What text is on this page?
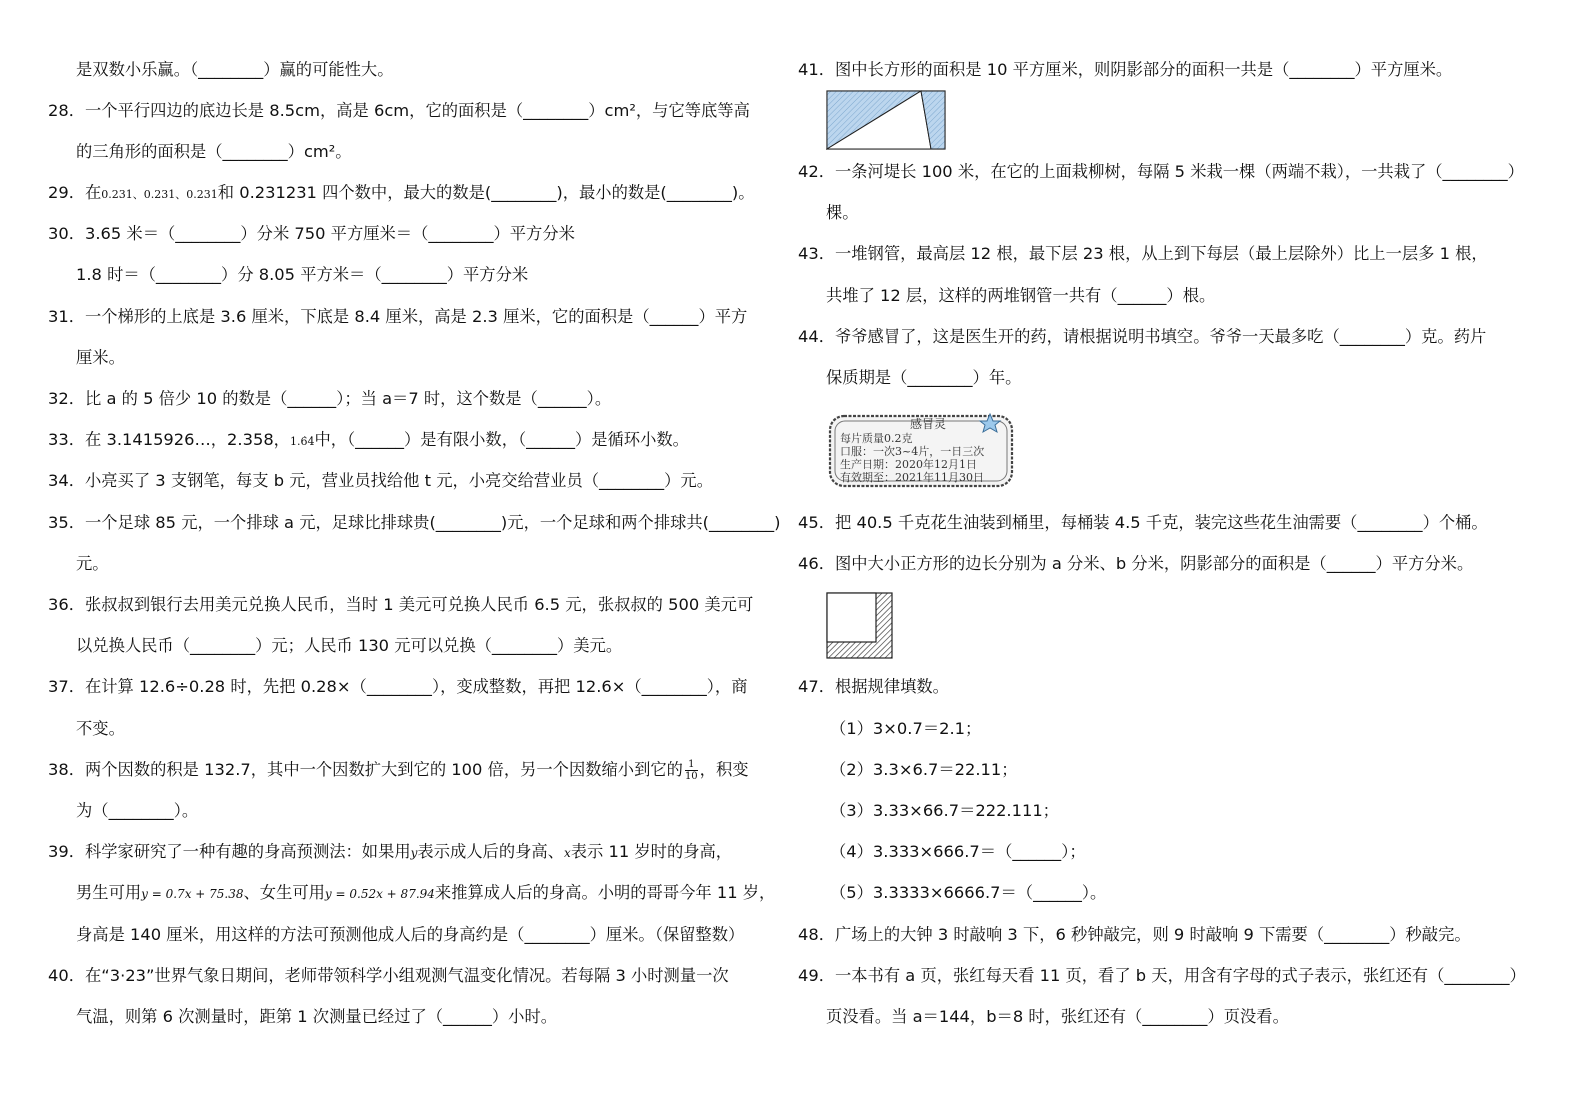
是双数小乐赢。（________）赢的可能性大。
28．一个平行四边的底边长是 8.5cm，高是 6cm，它的面积是（________）cm²，与它等底等高
的三角形的面积是（________）cm²。
29．在0.231、0.231、0.231和 0.231231 四个数中，最大的数是(________)，最小的数是(________)。
30．3.65 米＝（________）分米 750 平方厘米＝（________）平方分米
1.8 时＝（________）分 8.05 平方米＝（________）平方分米
31．一个梯形的上底是 3.6 厘米，下底是 8.4 厘米，高是 2.3 厘米，它的面积是（______）平方
厘米。
32．比 a 的 5 倍少 10 的数是（______）；当 a＝7 时，这个数是（______）。
33．在 3.1415926…，2.358，1.6̇4̇中，（______）是有限小数，（______）是循环小数。
34．小亮买了 3 支钢笔，每支 b 元，营业员找给他 t 元，小亮交给营业员（________）元。
35．一个足球 85 元，一个排球 a 元，足球比排球贵(________)元，一个足球和两个排球共(________)
元。
36．张叔叔到银行去用美元兑换人民币，当时 1 美元可兑换人民币 6.5 元，张叔叔的 500 美元可
以兑换人民币（________）元；人民币 130 元可以兑换（________）美元。
37．在计算 12.6÷0.28 时，先把 0.28×（________），变成整数，再把 12.6×（________），商
不变。
38．两个因数的积是 132.7，其中一个因数扩大到它的 100 倍，另一个因数缩小到它的 $\frac{1}{10}$ ，积变
为（________）。
39．科学家研究了一种有趣的身高预测法：如果用y表示成人后的身高、x表示 11 岁时的身高，
男生可用y = 0.7x + 75.38、女生可用y = 0.52x + 87.94来推算成人后的身高。小明的哥哥今年 11 岁，
身高是 140 厘米，用这样的方法可预测他成人后的身高约是（________）厘米。（保留整数）
40．在“3·23”世界气象日期间，老师带领科学小组观测气温变化情况。若每隔 3 小时测量一次
气温，则第 6 次测量时，距第 1 次测量已经过了（______）小时。
41．图中长方形的面积是 10 平方厘米，则阴影部分的面积一共是（________）平方厘米。
42．一条河堤长 100 米，在它的上面栽柳树，每隔 5 米栽一棵（两端不栽），一共栽了（________）
棵。
43．一堆钢管，最高层 12 根，最下层 23 根，从上到下每层（最上层除外）比上一层多 1 根，
共堆了 12 层，这样的两堆钢管一共有（______）根。
44．爷爷感冒了，这是医生开的药，请根据说明书填空。爷爷一天最多吃（________）克。药片
保质期是（________）年。
感冒灵
每片质量0.2克
口服：一次3~4片，一日三次
生产日期：2020年12月1日
有效期至：2021年11月30日
45．把 40.5 千克花生油装到桶里，每桶装 4.5 千克，装完这些花生油需要（________）个桶。
46．图中大小正方形的边长分别为 a 分米、b 分米，阴影部分的面积是（______）平方分米。
47．根据规律填数。
（1）3×0.7＝2.1；
（2）3.3×6.7＝22.11；
（3）3.33×66.7＝222.111；
（4）3.333×666.7＝（______）；
（5）3.3333×6666.7＝（______）。
48．广场上的大钟 3 时敲响 3 下，6 秒钟敲完，则 9 时敲响 9 下需要（________）秒敲完。
49．一本书有 a 页，张红每天看 11 页，看了 b 天，用含有字母的式子表示，张红还有（________）
页没看。当 a＝144，b＝8 时，张红还有（________）页没看。
